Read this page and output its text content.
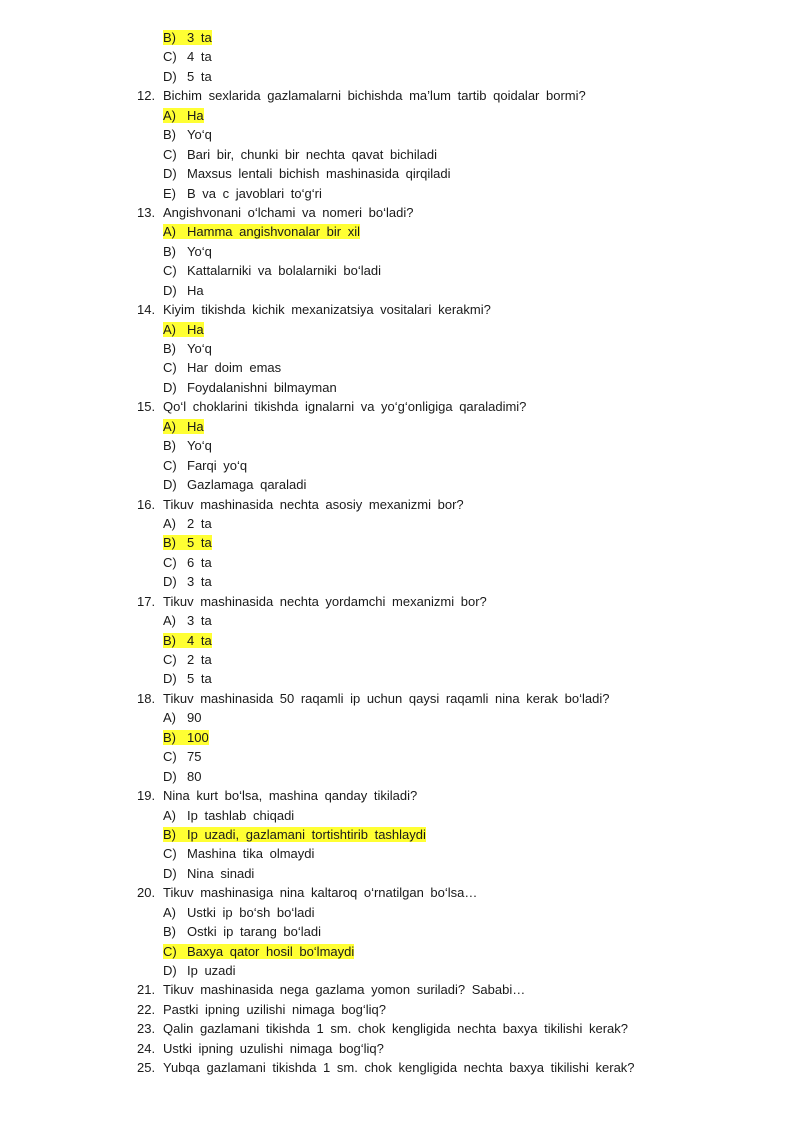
B) 3 ta
C) 4 ta
D) 5 ta
12. Bichim sexlarida gazlamalarni bichishda ma’lum tartib qoidalar bormi?
A) Ha
B) Yo‘q
C) Bari bir, chunki bir nechta qavat bichiladi
D) Maxsus lentali bichish mashinasida qirqiladi
E) B va c javoblari to‘g‘ri
13. Angishvonani o‘lchami va nomeri bo‘ladi?
A) Hamma angishvonalar bir xil
B) Yo‘q
C) Kattalarniki va bolalarniki bo‘ladi
D) Ha
14. Kiyim tikishda kichik mexanizatsiya vositalari kerakmi?
A) Ha
B) Yo‘q
C) Har doim emas
D) Foydalanishni bilmayman
15. Qo‘l choklarini tikishda ignalarni va yo‘g‘onligiga qaraladimi?
A) Ha
B) Yo‘q
C) Farqi yo‘q
D) Gazlamaga qaraladi
16. Tikuv mashinasida nechta asosiy mexanizmi bor?
A) 2 ta
B) 5 ta
C) 6 ta
D) 3 ta
17. Tikuv mashinasida nechta yordamchi mexanizmi bor?
A) 3 ta
B) 4 ta
C) 2 ta
D) 5 ta
18. Tikuv mashinasida 50 raqamli ip uchun qaysi raqamli nina kerak bo‘ladi?
A) 90
B) 100
C) 75
D) 80
19. Nina kurt bo‘lsa, mashina qanday tikiladi?
A) Ip tashlab chiqadi
B) Ip uzadi, gazlamani tortishtirib tashlaydi
C) Mashina tika olmaydi
D) Nina sinadi
20. Tikuv mashinasiga nina kaltaroq o‘rnatilgan bo‘lsa…
A) Ustki ip bo‘sh bo‘ladi
B) Ostki ip tarang bo‘ladi
C) Baxya qator hosil bo‘lmaydi
D) Ip uzadi
21. Tikuv mashinasida nega gazlama yomon suriladi? Sababi…
22. Pastki ipning uzilishi nimaga bog‘liq?
23. Qalin gazlamani tikishda 1 sm. chok kengligida nechta baxya tikilishi kerak?
24. Ustki ipning uzulishi nimaga bog‘liq?
25. Yubqa gazlamani tikishda 1 sm. chok kengligida nechta baxya tikilishi kerak?
